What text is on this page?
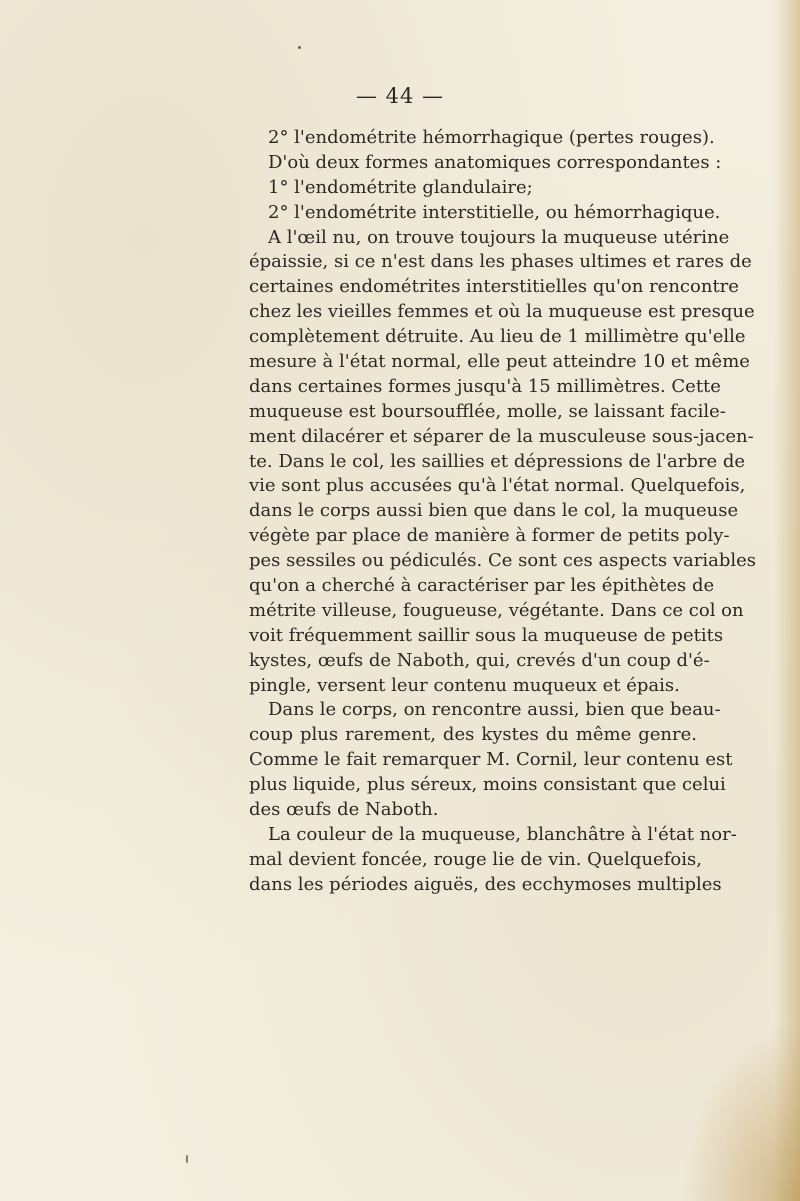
— 44 —
2° l'endométrite hémorrhagique (pertes rouges).
D'où deux formes anatomiques correspondantes :
1° l'endométrite glandulaire;
2° l'endométrite interstitielle, ou hémorrhagique.
A l'œil nu, on trouve toujours la muqueuse utérine
épaissie, si ce n'est dans les phases ultimes et rares de
certaines endométrites interstitielles qu'on rencontre
chez les vieilles femmes et où la muqueuse est presque
complètement détruite. Au lieu de 1 millimètre qu'elle
mesure à l'état normal, elle peut atteindre 10 et même
dans certaines formes jusqu'à 15 millimètres. Cette
muqueuse est boursoufflée, molle, se laissant facile-
ment dilacérer et séparer de la musculeuse sous-jacen-
te. Dans le col, les saillies et dépressions de l'arbre de
vie sont plus accusées qu'à l'état normal. Quelquefois,
dans le corps aussi bien que dans le col, la muqueuse
végète par place de manière à former de petits poly-
pes sessiles ou pédiculés. Ce sont ces aspects variables
qu'on a cherché à caractériser par les épithètes de
métrite villeuse, fougueuse, végétante. Dans ce col on
voit fréquemment saillir sous la muqueuse de petits
kystes, œufs de Naboth, qui, crevés d'un coup d'é-
pingle, versent leur contenu muqueux et épais.
Dans le corps, on rencontre aussi, bien que beau-
coup plus rarement, des kystes du même genre.
Comme le fait remarquer M. Cornil, leur contenu est
plus liquide, plus séreux, moins consistant que celui
des œufs de Naboth.
La couleur de la muqueuse, blanchâtre à l'état nor-
mal devient foncée, rouge lie de vin. Quelquefois,
dans les périodes aiguës, des ecchymoses multiples
